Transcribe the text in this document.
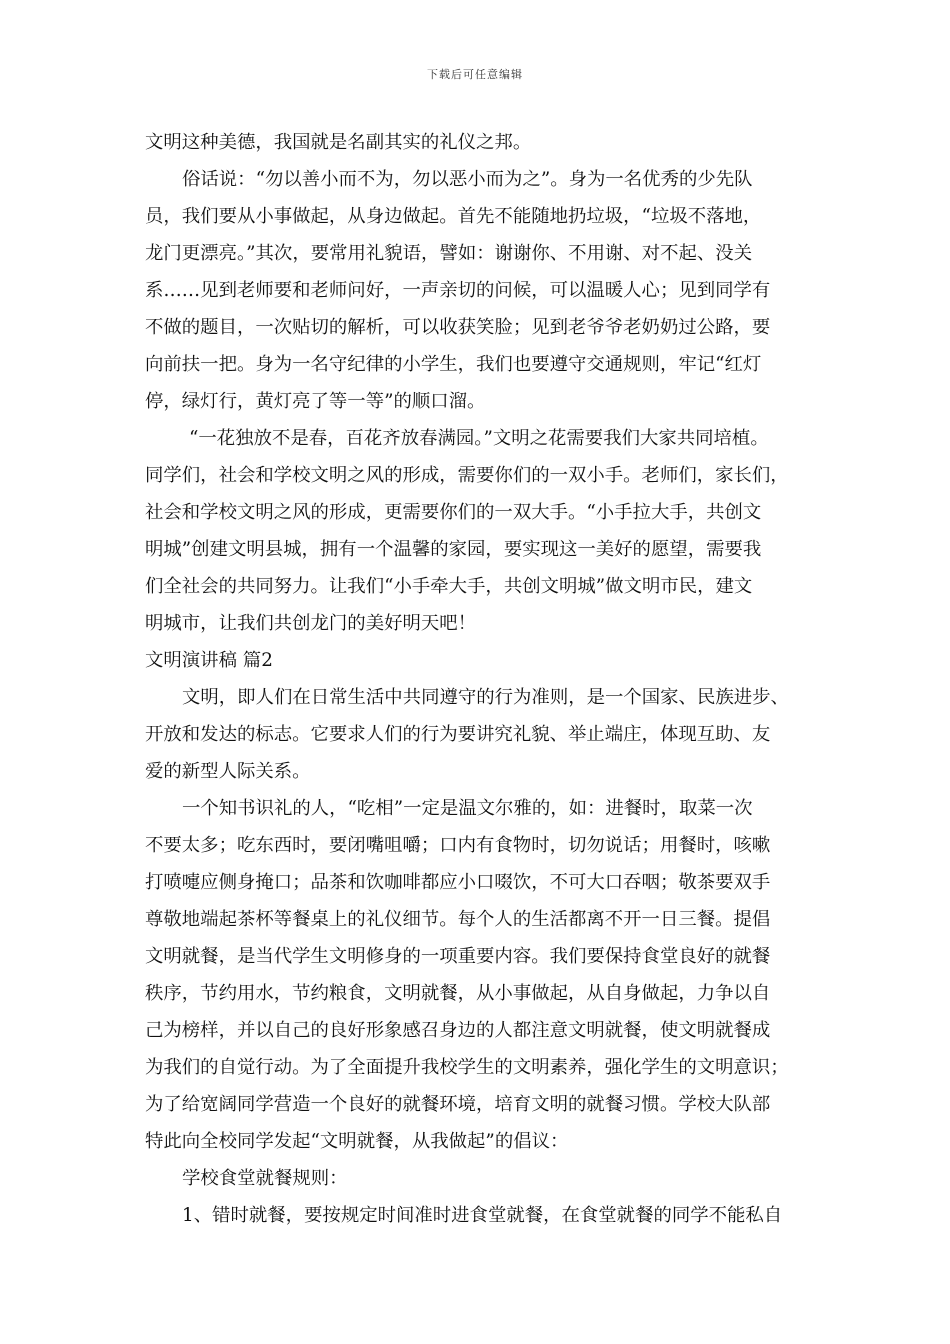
下载后可任意编辑
文明这种美德，我国就是名副其实的礼仪之邦。
俗话说：“勿以善小而不为，勿以恶小而为之”。身为一名优秀的少先队
员，我们要从小事做起，从身边做起。首先不能随地扔垃圾，“垃圾不落地，
龙门更漂亮。”其次，要常用礼貌语，譬如：谢谢你、不用谢、对不起、没关
系……见到老师要和老师问好，一声亲切的问候，可以温暖人心；见到同学有
不做的题目，一次贴切的解析，可以收获笑脸；见到老爷爷老奶奶过公路，要
向前扶一把。身为一名守纪律的小学生，我们也要遵守交通规则，牢记“红灯
停，绿灯行，黄灯亮了等一等”的顺口溜。
“一花独放不是春，百花齐放春满园。”文明之花需要我们大家共同培植。
同学们，社会和学校文明之风的形成，需要你们的一双小手。老师们，家长们，
社会和学校文明之风的形成，更需要你们的一双大手。“小手拉大手，共创文
明城”创建文明县城，拥有一个温馨的家园，要实现这一美好的愿望，需要我
们全社会的共同努力。让我们“小手牵大手，共创文明城”做文明市民，建文
明城市，让我们共创龙门的美好明天吧！
文明演讲稿 篇2
文明，即人们在日常生活中共同遵守的行为准则，是一个国家、民族进步、
开放和发达的标志。它要求人们的行为要讲究礼貌、举止端庄，体现互助、友
爱的新型人际关系。
一个知书识礼的人，“吃相”一定是温文尔雅的，如：进餐时，取菜一次
不要太多；吃东西时，要闭嘴咀嚼；口内有食物时，切勿说话；用餐时，咳嗽
打喷嚏应侧身掩口；品茶和饮咖啡都应小口啜饮，不可大口吞咽；敬茶要双手
尊敬地端起茶杯等餐桌上的礼仪细节。每个人的生活都离不开一日三餐。提倡
文明就餐，是当代学生文明修身的一项重要内容。我们要保持食堂良好的就餐
秩序，节约用水，节约粮食，文明就餐，从小事做起，从自身做起，力争以自
己为榜样，并以自己的良好形象感召身边的人都注意文明就餐，使文明就餐成
为我们的自觉行动。为了全面提升我校学生的文明素养，强化学生的文明意识；
为了给宽阔同学营造一个良好的就餐环境，培育文明的就餐习惯。学校大队部
特此向全校同学发起“文明就餐，从我做起”的倡议：
学校食堂就餐规则：
1、错时就餐，要按规定时间准时进食堂就餐，在食堂就餐的同学不能私自
